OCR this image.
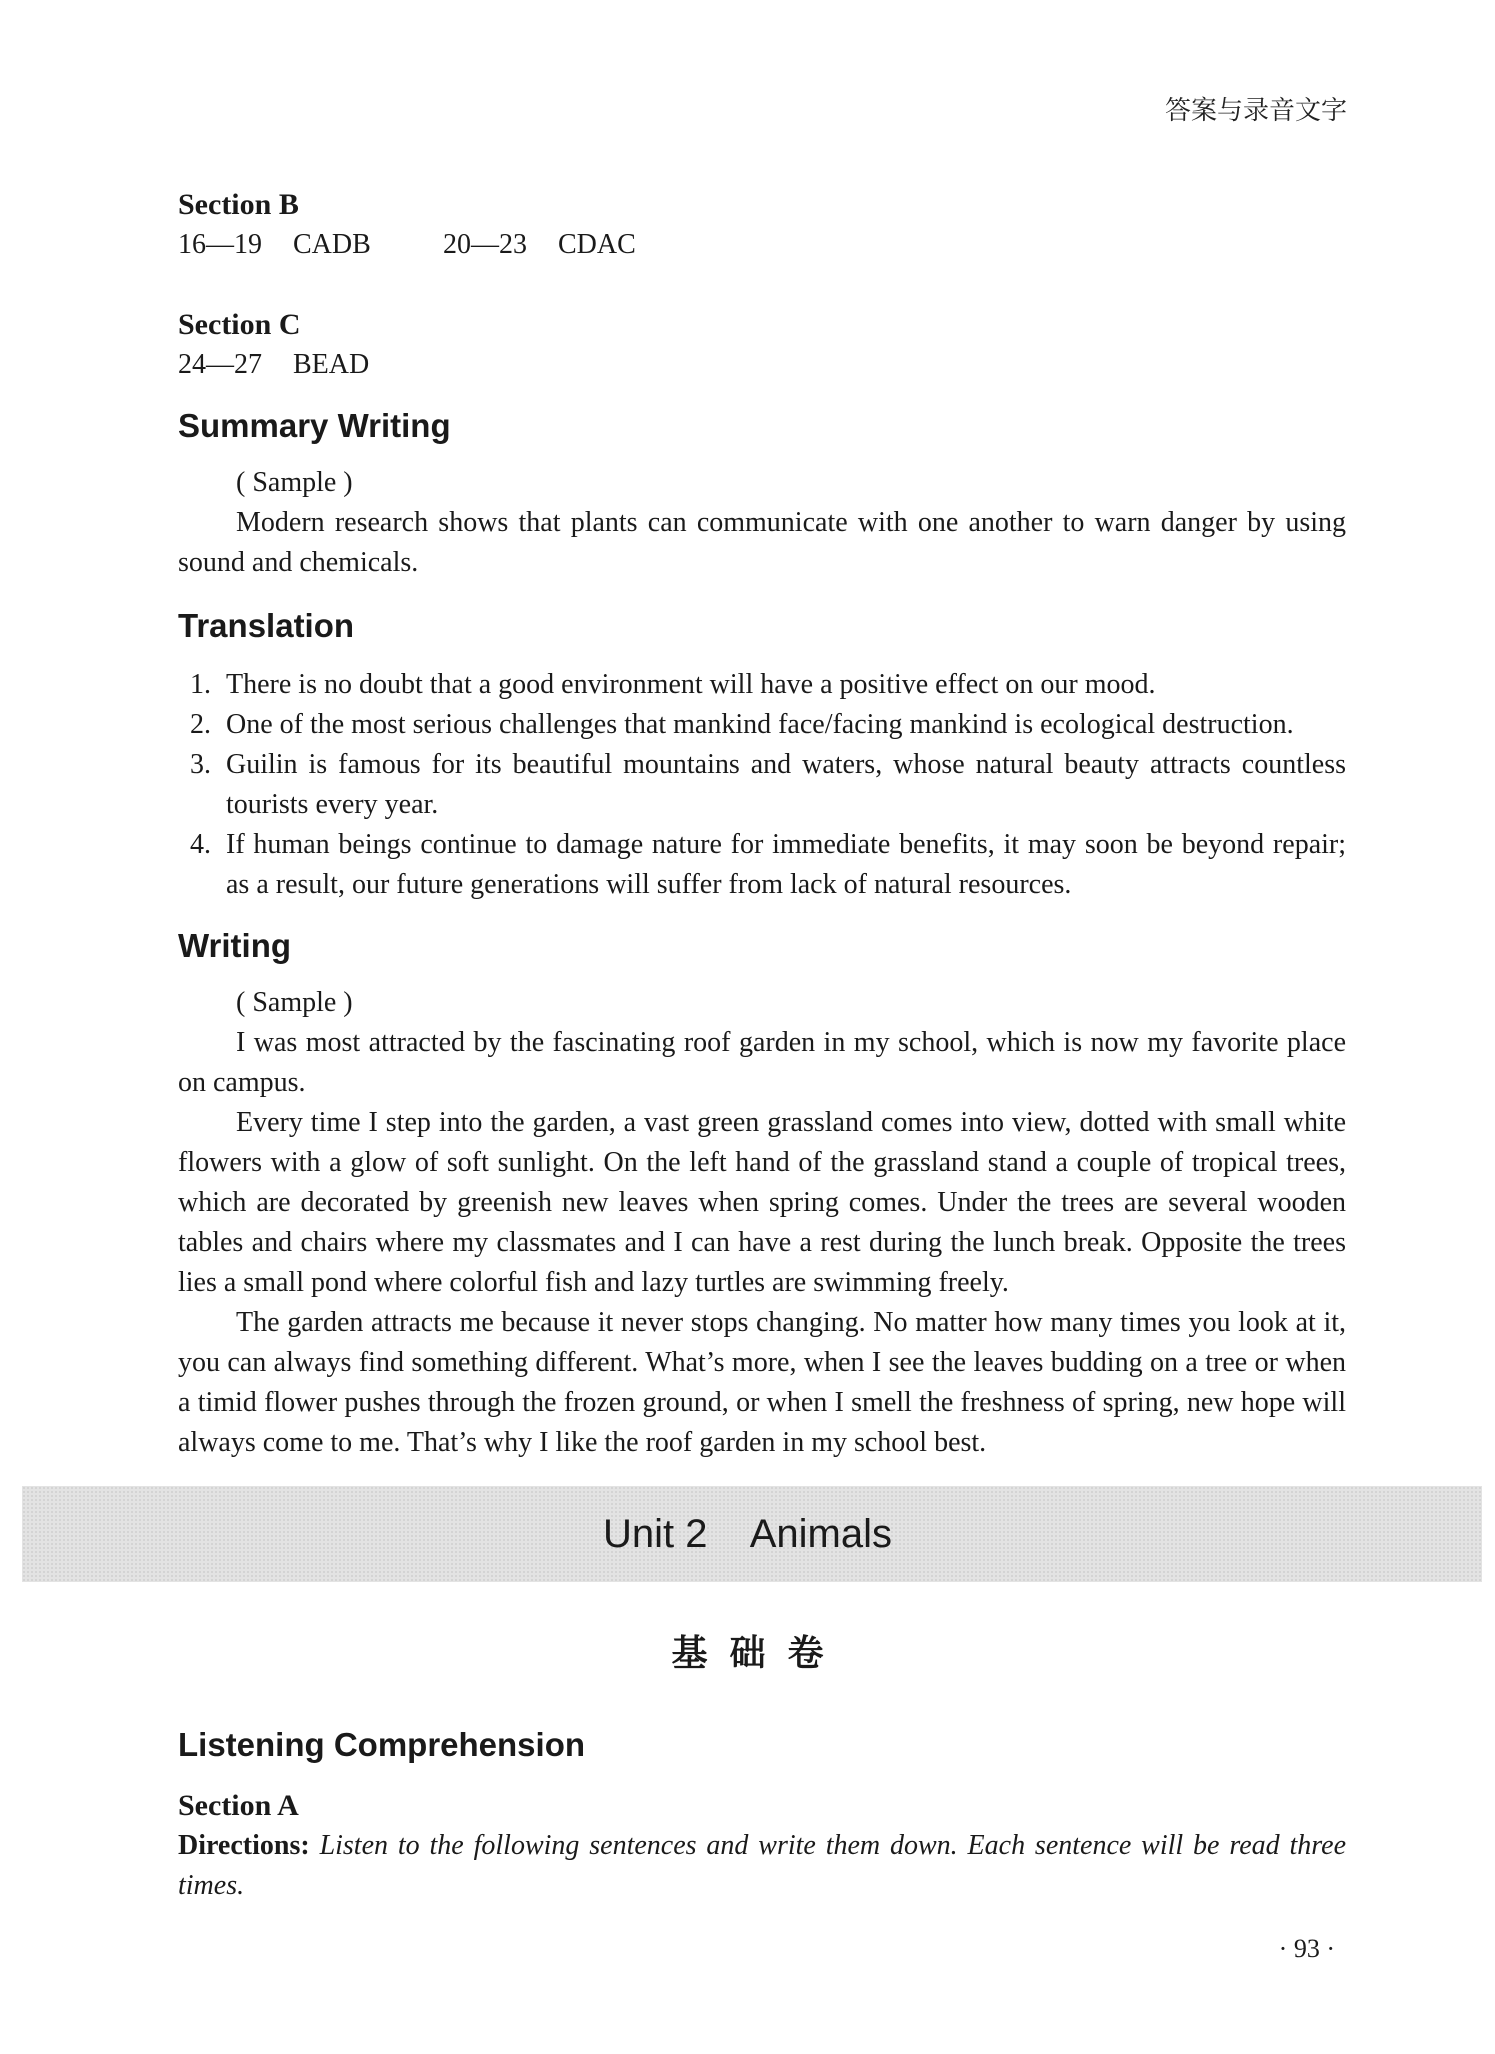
答案与录音文字

Section B

16—19 CADB	20—23 CDAC

Section C

24—27 BEAD

Summary Writing

( Sample )

Modern research shows that plants can communicate with one another to warn danger by using sound and chemicals.

Translation

1. There is no doubt that a good environment will have a positive effect on our mood.
2. One of the most serious challenges that mankind face/facing mankind is ecological destruction.
3. Guilin is famous for its beautiful mountains and waters, whose natural beauty attracts countless tourists every year.
4. If human beings continue to damage nature for immediate benefits, it may soon be beyond repair; as a result, our future generations will suffer from lack of natural resources.

Writing

( Sample )

I was most attracted by the fascinating roof garden in my school, which is now my favorite place on campus.

Every time I step into the garden, a vast green grassland comes into view, dotted with small white flowers with a glow of soft sunlight. On the left hand of the grassland stand a couple of tropical trees, which are decorated by greenish new leaves when spring comes. Under the trees are several wooden tables and chairs where my classmates and I can have a rest during the lunch break. Opposite the trees lies a small pond where colorful fish and lazy turtles are swimming freely.

The garden attracts me because it never stops changing. No matter how many times you look at it, you can always find something different. What’s more, when I see the leaves budding on a tree or when a timid flower pushes through the frozen ground, or when I smell the freshness of spring, new hope will always come to me. That’s why I like the roof garden in my school best.

Unit 2    Animals
基础卷

Listening Comprehension

Section A

Directions: Listen to the following sentences and write them down. Each sentence will be read three times.

· 93 ·
